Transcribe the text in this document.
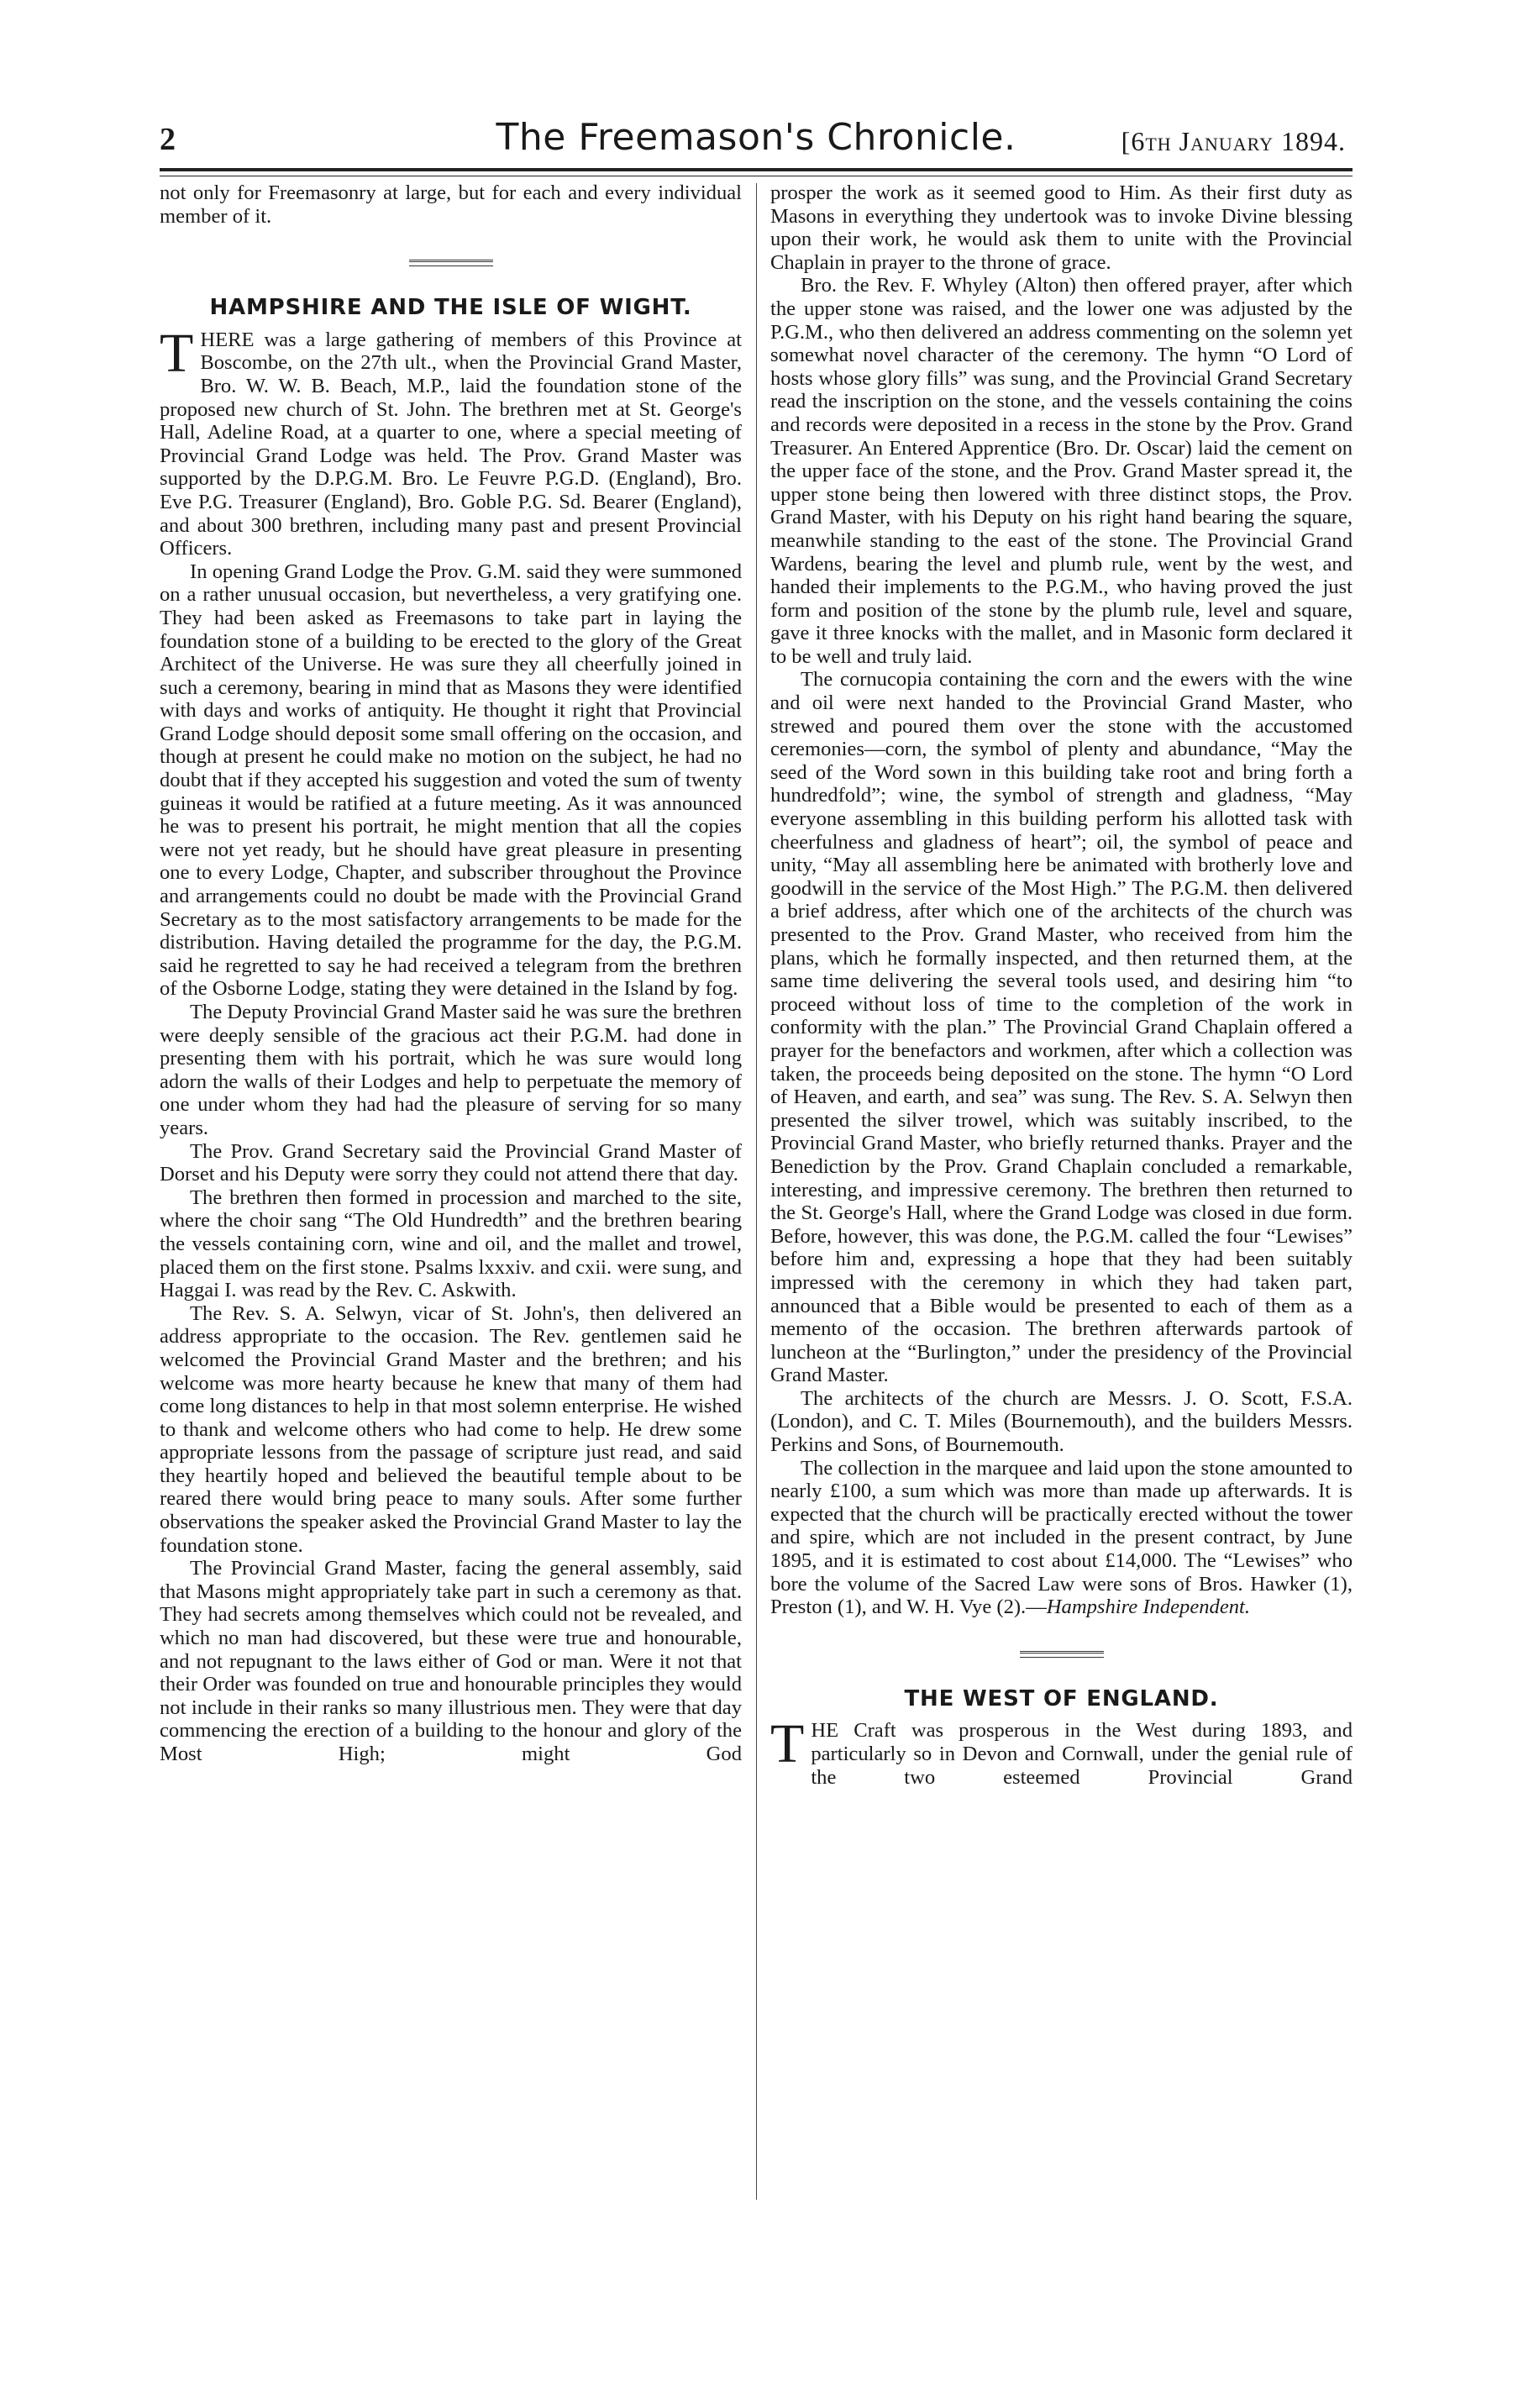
2	The Freemason's Chronicle.	[6th January 1894.

not only for Freemasonry at large, but for each and every individual member of it.

HAMPSHIRE AND THE ISLE OF WIGHT.

THERE was a large gathering of members of this Province at Boscombe, on the 27th ult., when the Provincial Grand Master, Bro. W. W. B. Beach, M.P., laid the foundation stone of the proposed new church of St. John. The brethren met at St. George's Hall, Adeline Road, at a quarter to one, where a special meeting of Provincial Grand Lodge was held. The Prov. Grand Master was supported by the D.P.G.M. Bro. Le Feuvre P.G.D. (England), Bro. Eve P.G. Treasurer (England), Bro. Goble P.G. Sd. Bearer (England), and about 300 brethren, including many past and present Provincial Officers.

In opening Grand Lodge the Prov. G.M. said they were summoned on a rather unusual occasion, but nevertheless, a very gratifying one. They had been asked as Freemasons to take part in laying the foundation stone of a building to be erected to the glory of the Great Architect of the Universe. He was sure they all cheerfully joined in such a ceremony, bearing in mind that as Masons they were identified with days and works of antiquity. He thought it right that Provincial Grand Lodge should deposit some small offering on the occasion, and though at present he could make no motion on the subject, he had no doubt that if they accepted his suggestion and voted the sum of twenty guineas it would be ratified at a future meeting. As it was announced he was to present his portrait, he might mention that all the copies were not yet ready, but he should have great pleasure in presenting one to every Lodge, Chapter, and subscriber throughout the Province and arrangements could no doubt be made with the Provincial Grand Secretary as to the most satisfactory arrangements to be made for the distribution. Having detailed the programme for the day, the P.G.M. said he regretted to say he had received a telegram from the brethren of the Osborne Lodge, stating they were detained in the Island by fog.

The Deputy Provincial Grand Master said he was sure the brethren were deeply sensible of the gracious act their P.G.M. had done in presenting them with his portrait, which he was sure would long adorn the walls of their Lodges and help to perpetuate the memory of one under whom they had had the pleasure of serving for so many years.

The Prov. Grand Secretary said the Provincial Grand Master of Dorset and his Deputy were sorry they could not attend there that day.

The brethren then formed in procession and marched to the site, where the choir sang “The Old Hundredth” and the brethren bearing the vessels containing corn, wine and oil, and the mallet and trowel, placed them on the first stone. Psalms lxxxiv. and cxii. were sung, and Haggai I. was read by the Rev. C. Askwith.

The Rev. S. A. Selwyn, vicar of St. John's, then delivered an address appropriate to the occasion. The Rev. gentlemen said he welcomed the Provincial Grand Master and the brethren; and his welcome was more hearty because he knew that many of them had come long distances to help in that most solemn enterprise. He wished to thank and welcome others who had come to help. He drew some appropriate lessons from the passage of scripture just read, and said they heartily hoped and believed the beautiful temple about to be reared there would bring peace to many souls. After some further observations the speaker asked the Provincial Grand Master to lay the foundation stone.

The Provincial Grand Master, facing the general assembly, said that Masons might appropriately take part in such a ceremony as that. They had secrets among themselves which could not be revealed, and which no man had discovered, but these were true and honourable, and not repugnant to the laws either of God or man. Were it not that their Order was founded on true and honourable principles they would not include in their ranks so many illustrious men. They were that day commencing the erection of a building to the honour and glory of the Most High; might God

prosper the work as it seemed good to Him. As their first duty as Masons in everything they undertook was to invoke Divine blessing upon their work, he would ask them to unite with the Provincial Chaplain in prayer to the throne of grace.

Bro. the Rev. F. Whyley (Alton) then offered prayer, after which the upper stone was raised, and the lower one was adjusted by the P.G.M., who then delivered an address commenting on the solemn yet somewhat novel character of the ceremony. The hymn “O Lord of hosts whose glory fills” was sung, and the Provincial Grand Secretary read the inscription on the stone, and the vessels containing the coins and records were deposited in a recess in the stone by the Prov. Grand Treasurer. An Entered Apprentice (Bro. Dr. Oscar) laid the cement on the upper face of the stone, and the Prov. Grand Master spread it, the upper stone being then lowered with three distinct stops, the Prov. Grand Master, with his Deputy on his right hand bearing the square, meanwhile standing to the east of the stone. The Provincial Grand Wardens, bearing the level and plumb rule, went by the west, and handed their implements to the P.G.M., who having proved the just form and position of the stone by the plumb rule, level and square, gave it three knocks with the mallet, and in Masonic form declared it to be well and truly laid.

The cornucopia containing the corn and the ewers with the wine and oil were next handed to the Provincial Grand Master, who strewed and poured them over the stone with the accustomed ceremonies—corn, the symbol of plenty and abundance, “May the seed of the Word sown in this building take root and bring forth a hundredfold”; wine, the symbol of strength and gladness, “May everyone assembling in this building perform his allotted task with cheerfulness and gladness of heart”; oil, the symbol of peace and unity, “May all assembling here be animated with brotherly love and goodwill in the service of the Most High.” The P.G.M. then delivered a brief address, after which one of the architects of the church was presented to the Prov. Grand Master, who received from him the plans, which he formally inspected, and then returned them, at the same time delivering the several tools used, and desiring him “to proceed without loss of time to the completion of the work in conformity with the plan.” The Provincial Grand Chaplain offered a prayer for the benefactors and workmen, after which a collection was taken, the proceeds being deposited on the stone. The hymn “O Lord of Heaven, and earth, and sea” was sung. The Rev. S. A. Selwyn then presented the silver trowel, which was suitably inscribed, to the Provincial Grand Master, who briefly returned thanks. Prayer and the Benediction by the Prov. Grand Chaplain concluded a remarkable, interesting, and impressive ceremony. The brethren then returned to the St. George's Hall, where the Grand Lodge was closed in due form. Before, however, this was done, the P.G.M. called the four “Lewises” before him and, expressing a hope that they had been suitably impressed with the ceremony in which they had taken part, announced that a Bible would be presented to each of them as a memento of the occasion. The brethren afterwards partook of luncheon at the “Burlington,” under the presidency of the Provincial Grand Master.

The architects of the church are Messrs. J. O. Scott, F.S.A. (London), and C. T. Miles (Bournemouth), and the builders Messrs. Perkins and Sons, of Bournemouth.

The collection in the marquee and laid upon the stone amounted to nearly £100, a sum which was more than made up afterwards. It is expected that the church will be practically erected without the tower and spire, which are not included in the present contract, by June 1895, and it is estimated to cost about £14,000. The “Lewises” who bore the volume of the Sacred Law were sons of Bros. Hawker (1), Preston (1), and W. H. Vye (2).—Hampshire Independent.

THE WEST OF ENGLAND.

THE Craft was prosperous in the West during 1893, and particularly so in Devon and Cornwall, under the genial rule of the two esteemed Provincial Grand
